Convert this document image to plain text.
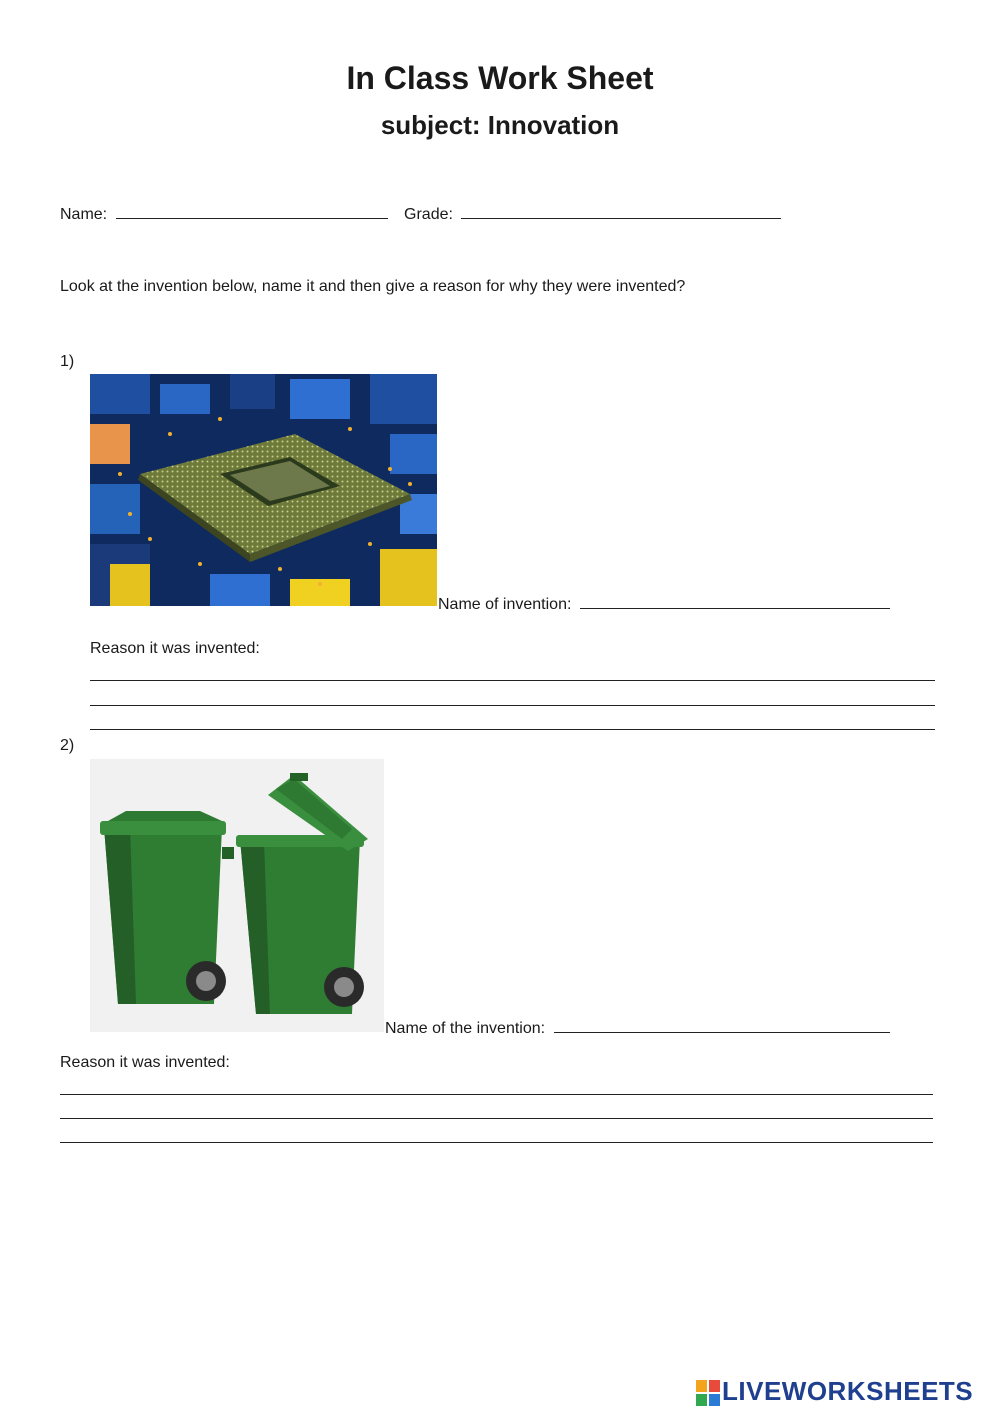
In Class Work Sheet
subject: Innovation
Name:	Grade:
Look at the invention below, name it and then give a reason for why they were invented?
1)
Name of invention:
Reason it was invented:
2)
Name of the invention:
Reason it was invented:
LIVEWORKSHEETS
